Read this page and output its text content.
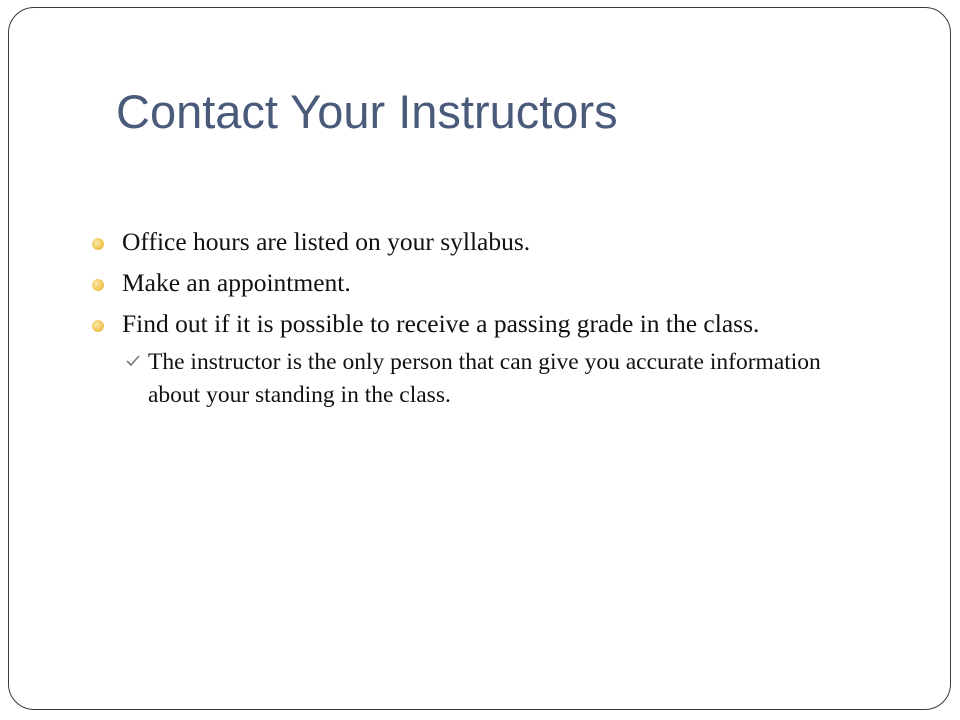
Contact Your Instructors
Office hours are listed on your syllabus.
Make an appointment.
Find out if it is possible to receive a passing grade in the class.
The instructor is the only person that can give you accurate information about your standing in the class.
